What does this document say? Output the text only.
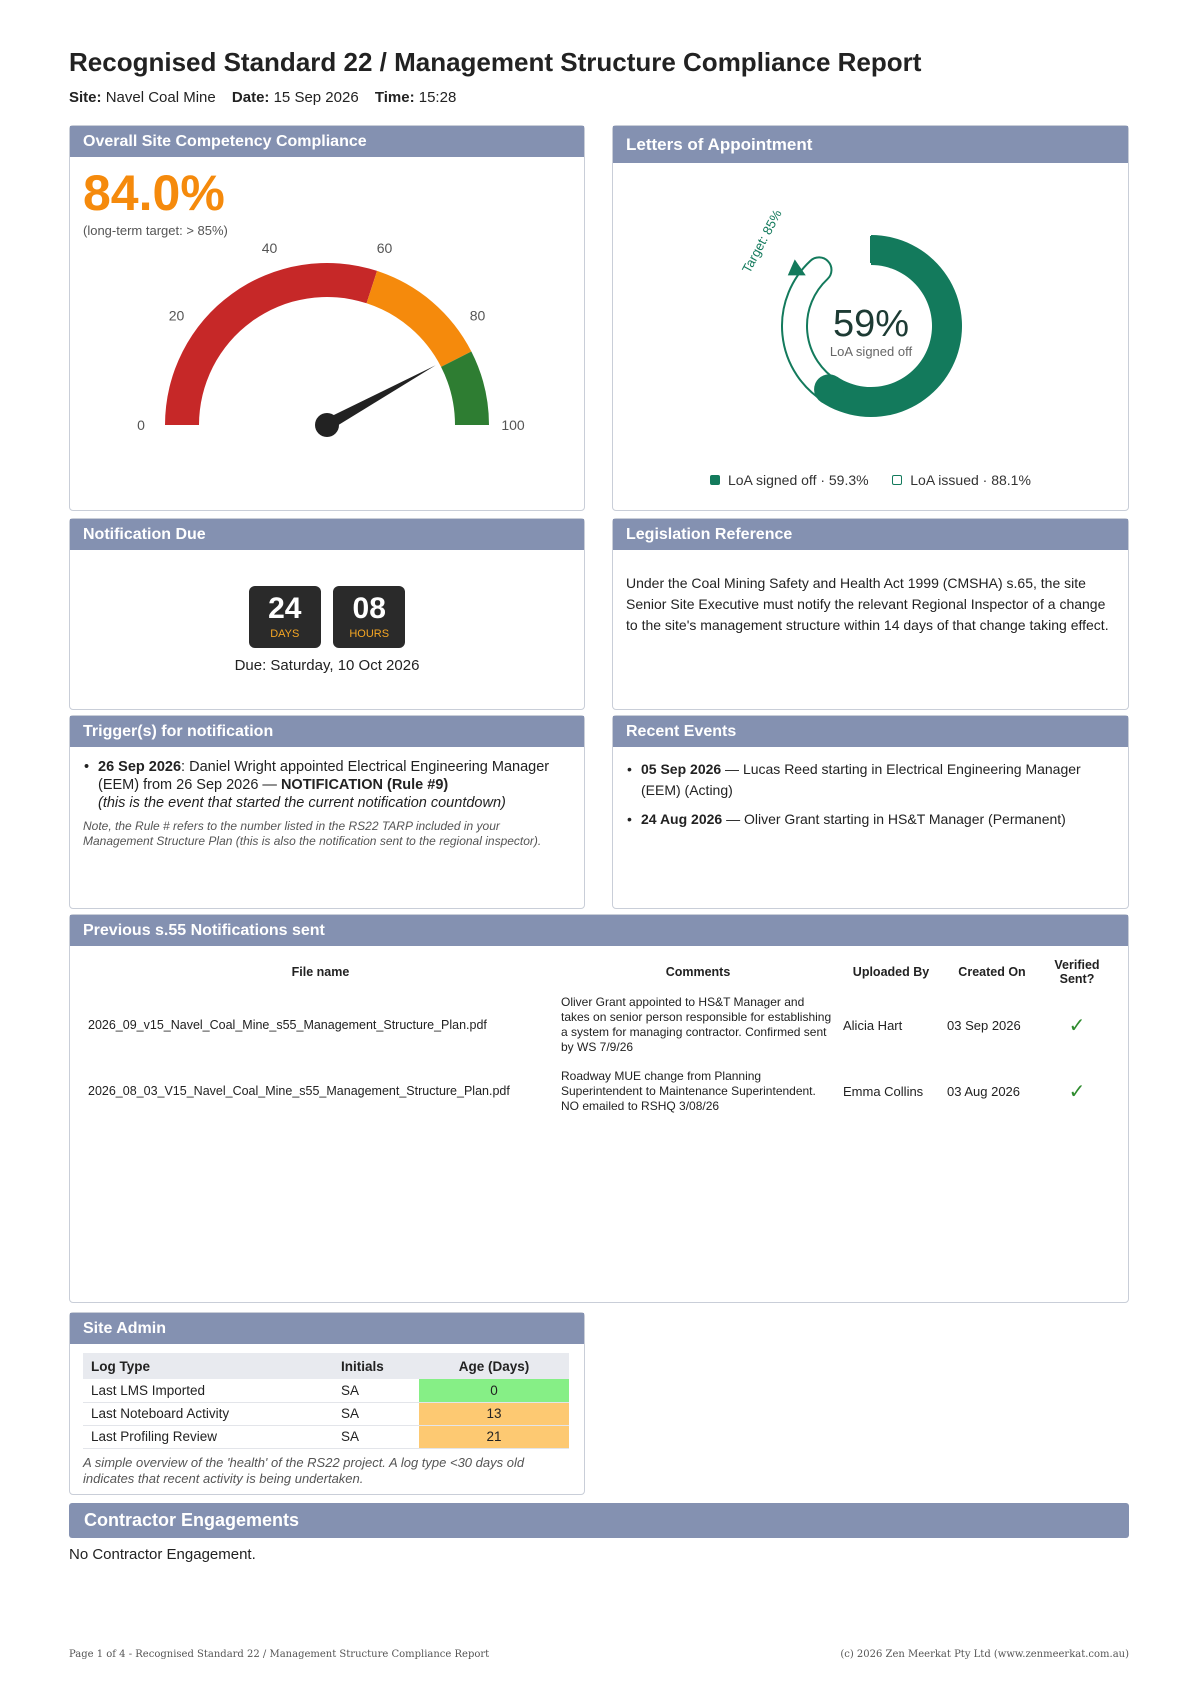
Recognised Standard 22 / Management Structure Compliance Report
Site: Navel Coal Mine Date: 15 Sep 2026 Time: 15:28
Overall Site Competency Compliance
84.0%
(long-term target: > 85%)
0
20
40	60
80
100
Letters of Appointment
Target: 85%
59%
LoA signed off
LoA signed off · 59.3%	LoA issued · 88.1%
Notification Due
24
DAYS

08
HOURS
Due: Saturday, 10 Oct 2026
Legislation Reference
Under the Coal Mining Safety and Health Act 1999 (CMSHA) s.65, the site Senior Site Executive must notify the relevant Regional Inspector of a change to the site's management structure within 14 days of that change taking effect.
Trigger(s) for notification
• 26 Sep 2026: Daniel Wright appointed Electrical Engineering Manager (EEM) from 26 Sep 2026 — NOTIFICATION (Rule #9)
(this is the event that started the current notification countdown)
Note, the Rule # refers to the number listed in the RS22 TARP included in your Management Structure Plan (this is also the notification sent to the regional inspector).
Recent Events
• 05 Sep 2026 — Lucas Reed starting in Electrical Engineering Manager (EEM) (Acting)
• 24 Aug 2026 — Oliver Grant starting in HS&T Manager (Permanent)
Previous s.55 Notifications sent
File name	Comments	Uploaded By	Created On	Verified Sent?
2026_09_v15_Navel_Coal_Mine_s55_Management_Structure_Plan.pdf	Oliver Grant appointed to HS&T Manager and takes on senior person responsible for establishing a system for managing contractor. Confirmed sent by WS 7/9/26	Alicia Hart	03 Sep 2026	✓
2026_08_03_V15_Navel_Coal_Mine_s55_Management_Structure_Plan.pdf	Roadway MUE change from Planning Superintendent to Maintenance Superintendent. NO emailed to RSHQ 3/08/26	Emma Collins	03 Aug 2026	✓
Site Admin
Log Type	Initials	Age (Days)
Last LMS Imported	SA	0
Last Noteboard Activity	SA	13
Last Profiling Review	SA	21
A simple overview of the 'health' of the RS22 project. A log type <30 days old indicates that recent activity is being undertaken.
Contractor Engagements
No Contractor Engagement.
Page 1 of 4 - Recognised Standard 22 / Management Structure Compliance Report	(c) 2026 Zen Meerkat Pty Ltd (www.zenmeerkat.com.au)
